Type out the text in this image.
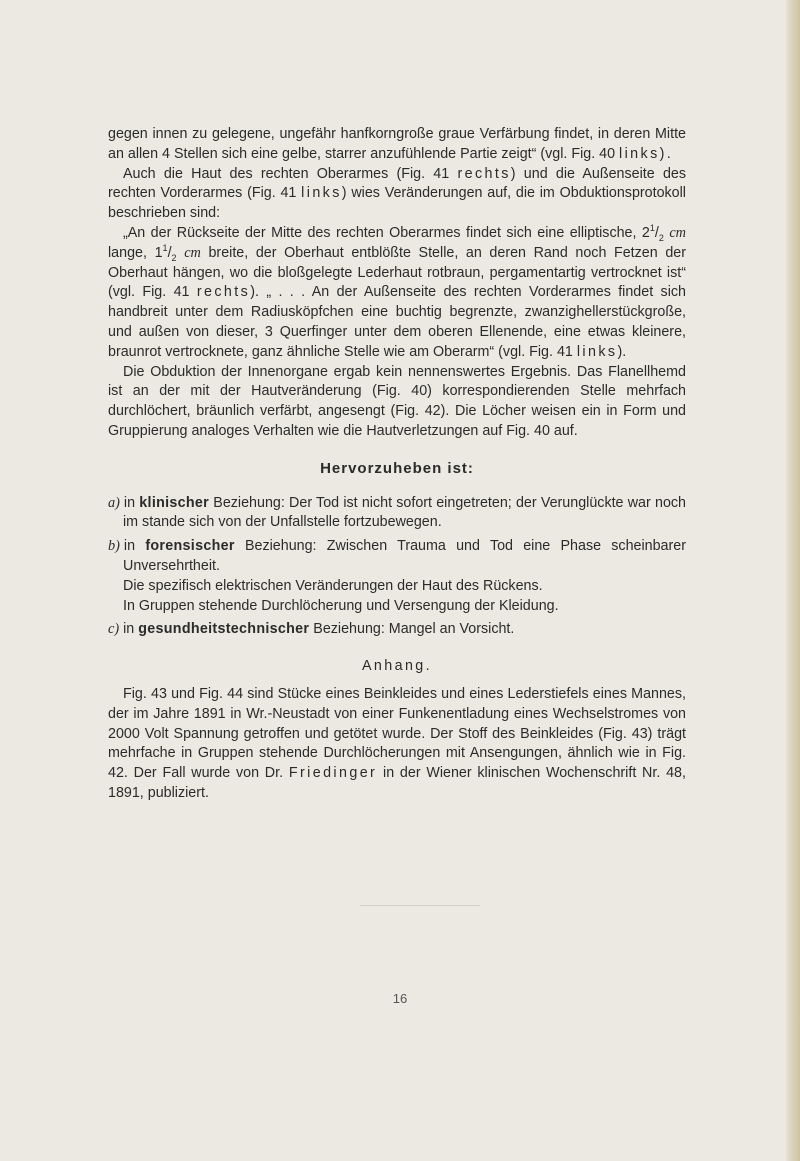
gegen innen zu gelegene, ungefähr hanfkorngroße graue Verfärbung findet, in deren Mitte an allen 4 Stellen sich eine gelbe, starrer anzufühlende Partie zeigt“ (vgl. Fig. 40 links).

Auch die Haut des rechten Oberarmes (Fig. 41 rechts) und die Außenseite des rechten Vorderarmes (Fig. 41 links) wies Veränderungen auf, die im Obduktionsprotokoll beschrieben sind:

„An der Rückseite der Mitte des rechten Oberarmes findet sich eine elliptische, $2^1/_2$ cm lange, $1^1/_2$ cm breite, der Oberhaut entblößte Stelle, an deren Rand noch Fetzen der Oberhaut hängen, wo die bloßgelegte Lederhaut rotbraun, pergamentartig vertrocknet ist“ (vgl. Fig. 41 rechts). „ . . . An der Außenseite des rechten Vorderarmes findet sich handbreit unter dem Radiusköpfchen eine buchtig begrenzte, zwanzighellerstückgroße, und außen von dieser, 3 Querfinger unter dem oberen Ellenende, eine etwas kleinere, braunrot vertrocknete, ganz ähnliche Stelle wie am Oberarm“ (vgl. Fig. 41 links).

Die Obduktion der Innenorgane ergab kein nennenswertes Ergebnis. Das Flanellhemd ist an der mit der Hautveränderung (Fig. 40) korrespondierenden Stelle mehrfach durchlöchert, bräunlich verfärbt, angesengt (Fig. 42). Die Löcher weisen ein in Form und Gruppierung analoges Verhalten wie die Hautverletzungen auf Fig. 40 auf.

Hervorzuheben ist:

a) in klinischer Beziehung: Der Tod ist nicht sofort eingetreten; der Verunglückte war noch im stande sich von der Unfallstelle fortzubewegen.

b) in forensischer Beziehung: Zwischen Trauma und Tod eine Phase scheinbarer Unversehrtheit.
Die spezifisch elektrischen Veränderungen der Haut des Rückens.
In Gruppen stehende Durchlöcherung und Versengung der Kleidung.

c) in gesundheitstechnischer Beziehung: Mangel an Vorsicht.

Anhang.

Fig. 43 und Fig. 44 sind Stücke eines Beinkleides und eines Lederstiefels eines Mannes, der im Jahre 1891 in Wr.-Neustadt von einer Funkenentladung eines Wechselstromes von 2000 Volt Spannung getroffen und getötet wurde. Der Stoff des Beinkleides (Fig. 43) trägt mehrfache in Gruppen stehende Durchlöcherungen mit Ansengungen, ähnlich wie in Fig. 42. Der Fall wurde von Dr. Friedinger in der Wiener klinischen Wochenschrift Nr. 48, 1891, publiziert.

16
